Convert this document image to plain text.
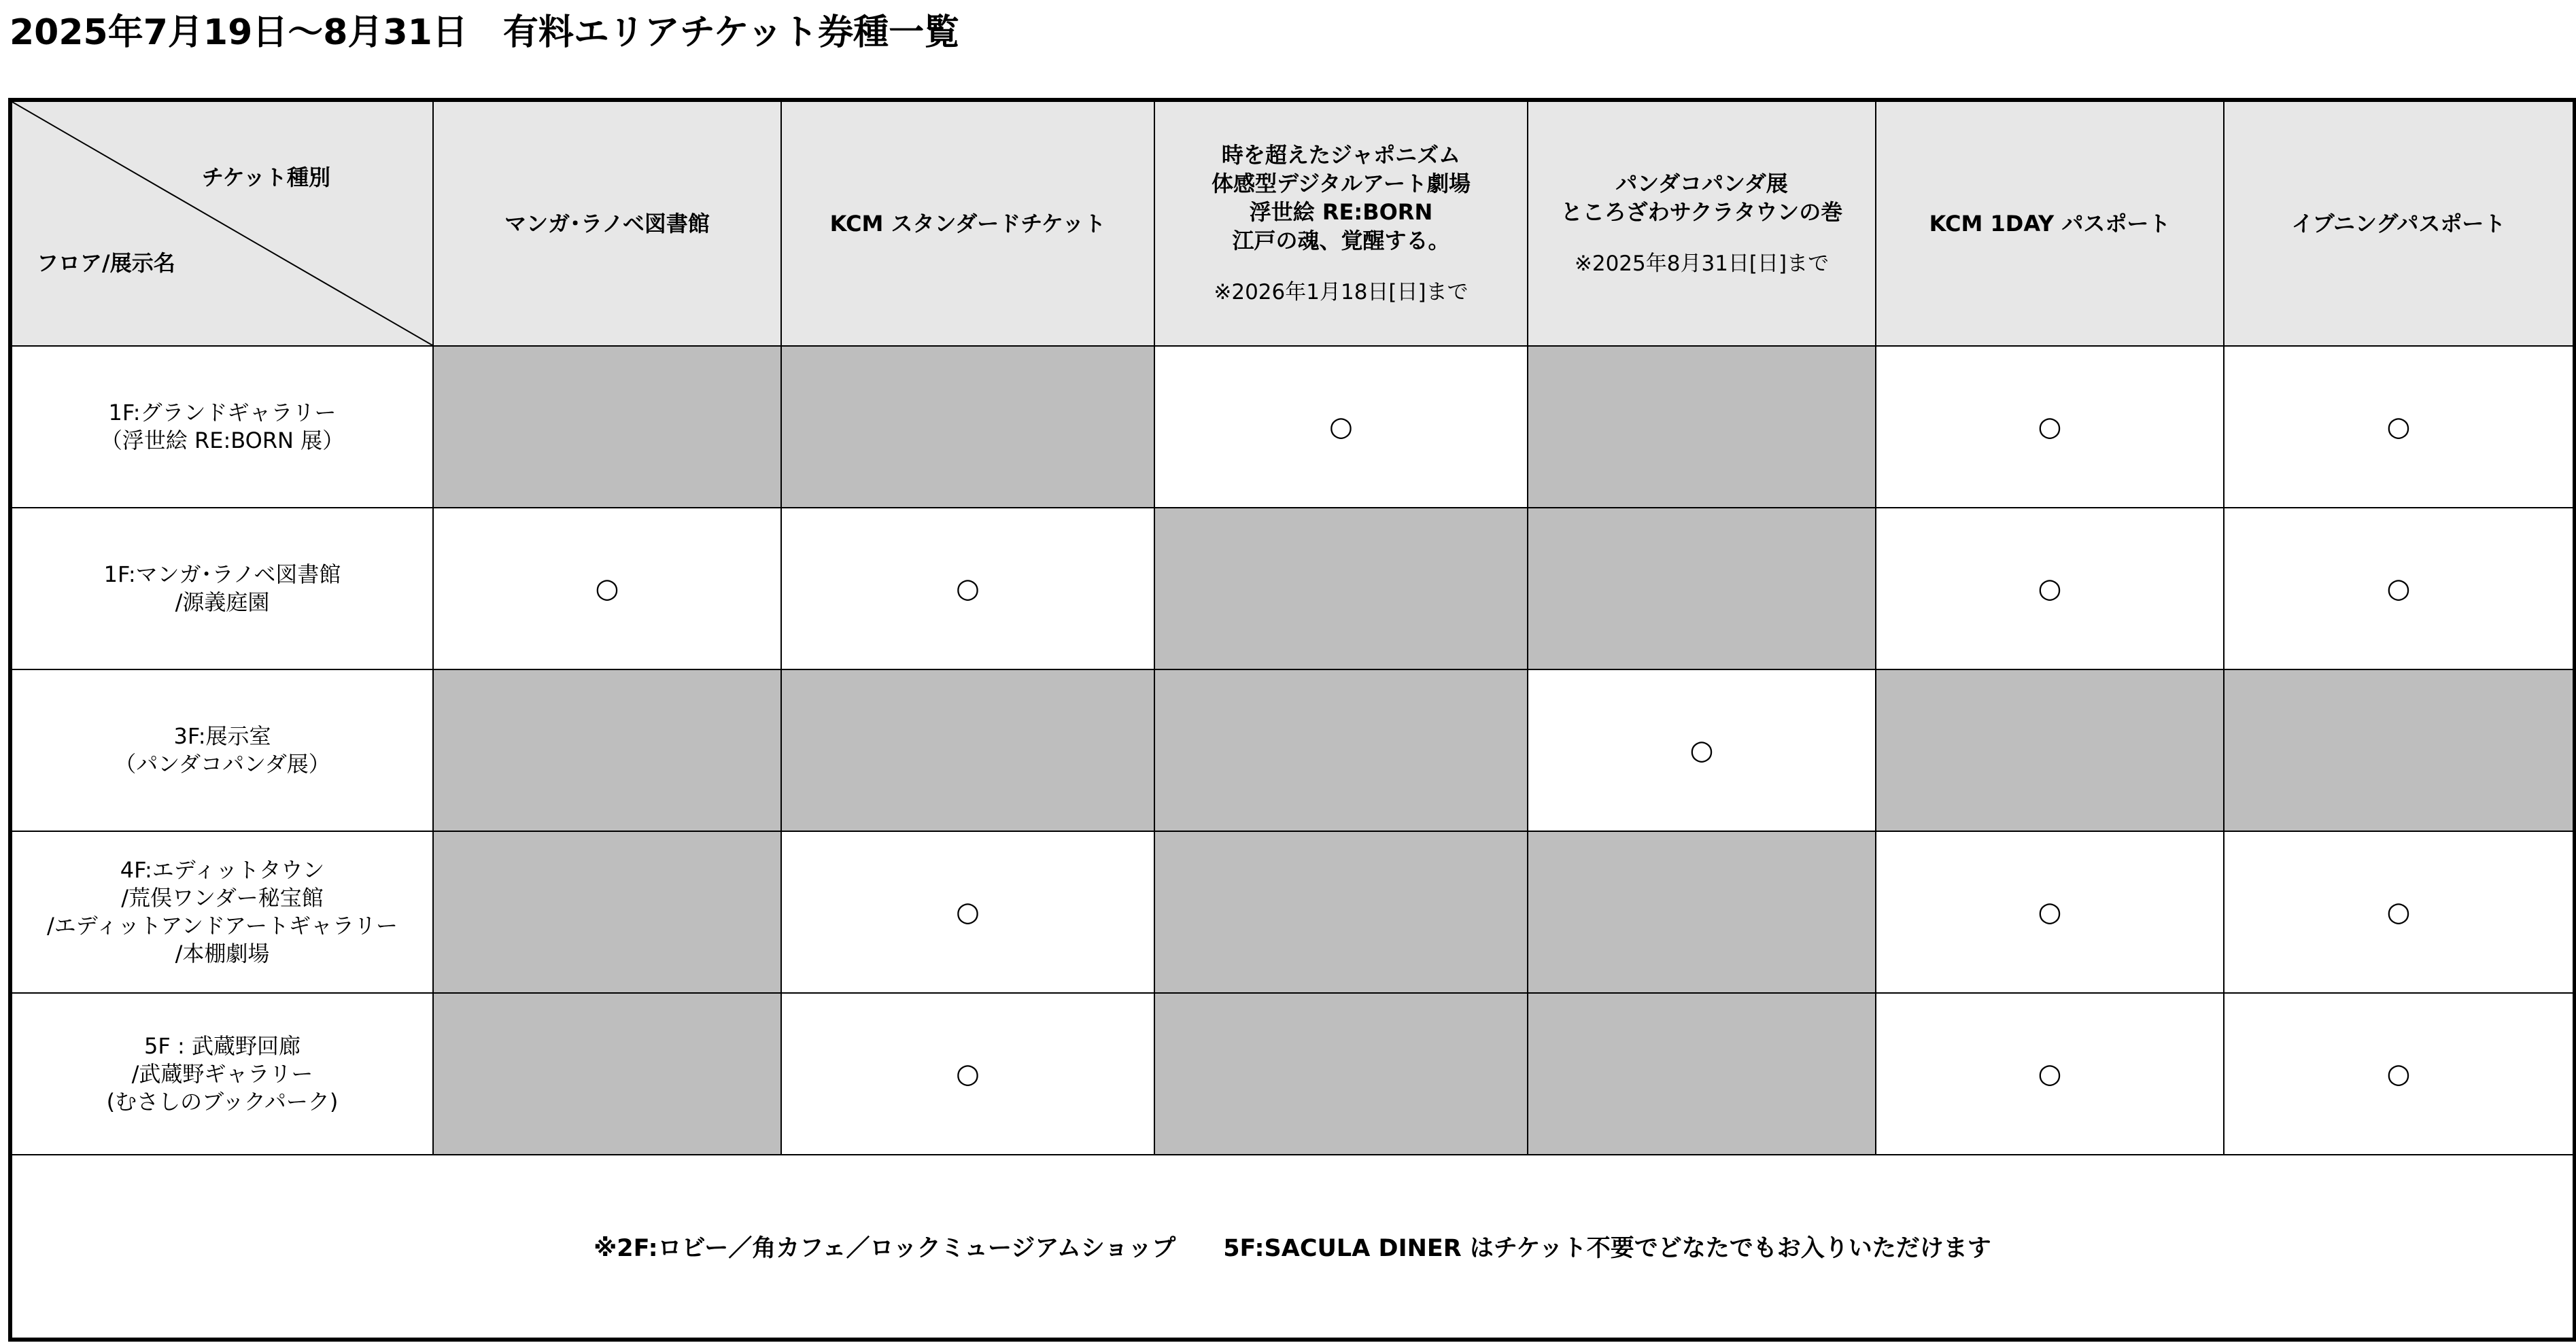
2025年7月19日～8月31日　有料エリアチケット券種一覧
チケット種別
フロア/展示名	マンガ･ラノベ図書館	KCM スタンダードチケット	時を超えたジャポニズム
体感型デジタルアート劇場
浮世絵 RE:BORN
江戸の魂、覚醒する。
※2026年1月18日[日]まで	パンダコパンダ展
ところざわサクラタウンの巻
※2025年8月31日[日]まで	KCM 1DAY パスポート	イブニングパスポート

1F:グランドギャラリー
（浮世絵 RE:BORN 展）			○		○	○

1F:マンガ･ラノベ図書館
/源義庭園	○	○			○	○

3F:展示室
（パンダコパンダ展）				○		

4F:エディットタウン
/荒俣ワンダー秘宝館
/エディットアンドアートギャラリー
/本棚劇場		○			○	○

5F : 武蔵野回廊
/武蔵野ギャラリー
(むさしのブックパーク)		○			○	○
※2F:ロビー／角カフェ／ロックミュージアムショップ　　5F:SACULA DINER はチケット不要でどなたでもお入りいただけます						
